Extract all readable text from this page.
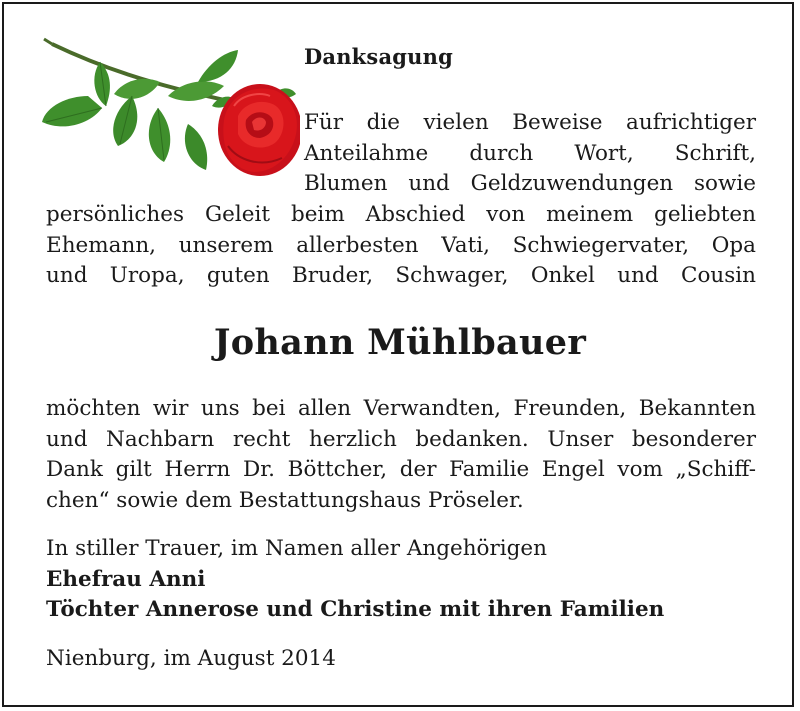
Danksagung
Für die vielen Beweise aufrichtiger
Anteilahme durch Wort, Schrift,
Blumen und Geldzuwendungen sowie
persönliches Geleit beim Abschied von meinem geliebten
Ehemann, unserem allerbesten Vati, Schwiegervater, Opa
und Uropa, guten Bruder, Schwager, Onkel und Cousin
Johann Mühlbauer
möchten wir uns bei allen Verwandten, Freunden, Bekannten
und Nachbarn recht herzlich bedanken. Unser besonderer
Dank gilt Herrn Dr. Böttcher, der Familie Engel vom „Schiff-
chen“ sowie dem Bestattungshaus Pröseler.
In stiller Trauer, im Namen aller Angehörigen
Ehefrau Anni
Töchter Annerose und Christine mit ihren Familien
Nienburg, im August 2014
